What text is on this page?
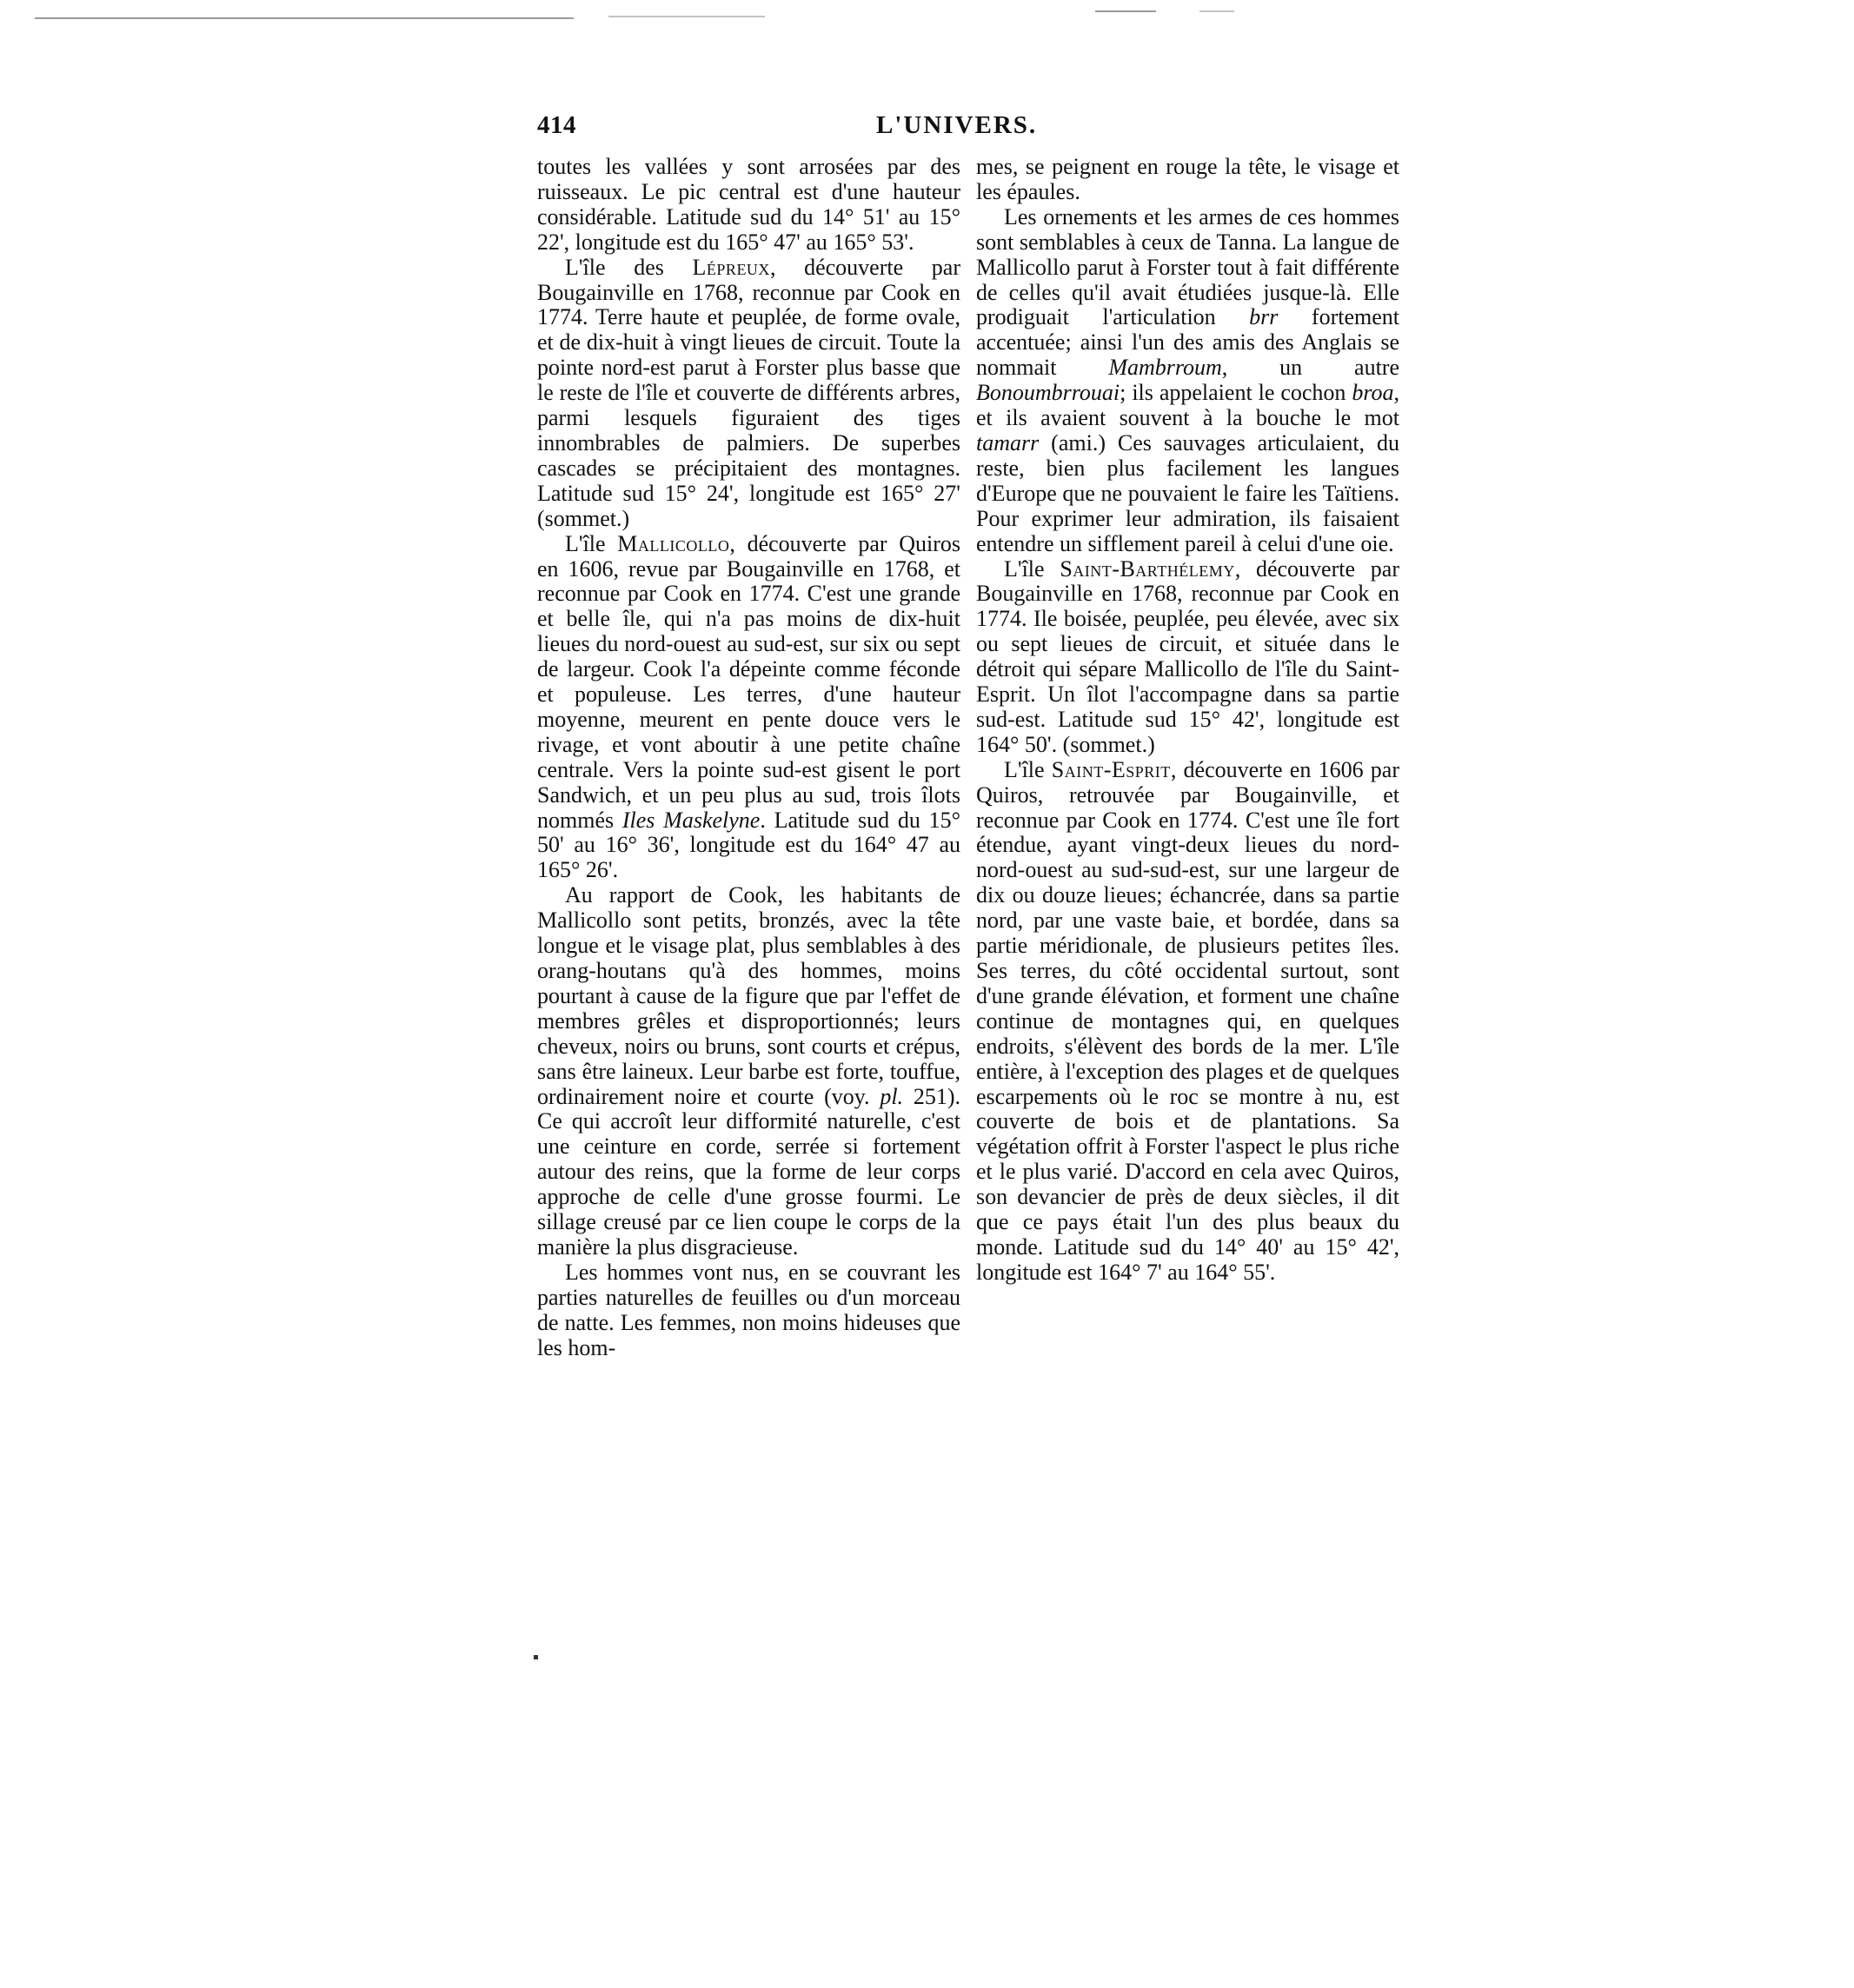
414	L'UNIVERS.

toutes les vallées y sont arrosées par des ruisseaux. Le pic central est d'une hauteur considérable. Latitude sud du 14° 51' au 15° 22', longitude est du 165° 47' au 165° 53'.

L'île des Lépreux, découverte par Bougainville en 1768, reconnue par Cook en 1774. Terre haute et peuplée, de forme ovale, et de dix-huit à vingt lieues de circuit. Toute la pointe nord-est parut à Forster plus basse que le reste de l'île et couverte de différents arbres, parmi lesquels figuraient des tiges innombrables de palmiers. De superbes cascades se précipitaient des montagnes. Latitude sud 15° 24', longitude est 165° 27' (sommet.)

L'île Mallicollo, découverte par Quiros en 1606, revue par Bougainville en 1768, et reconnue par Cook en 1774. C'est une grande et belle île, qui n'a pas moins de dix-huit lieues du nord-ouest au sud-est, sur six ou sept de largeur. Cook l'a dépeinte comme féconde et populeuse. Les terres, d'une hauteur moyenne, meurent en pente douce vers le rivage, et vont aboutir à une petite chaîne centrale. Vers la pointe sud-est gisent le port Sandwich, et un peu plus au sud, trois îlots nommés Iles Maskelyne. Latitude sud du 15° 50' au 16° 36', longitude est du 164° 47 au 165° 26'.

Au rapport de Cook, les habitants de Mallicollo sont petits, bronzés, avec la tête longue et le visage plat, plus semblables à des orang-houtans qu'à des hommes, moins pourtant à cause de la figure que par l'effet de membres grêles et disproportionnés; leurs cheveux, noirs ou bruns, sont courts et crépus, sans être laineux. Leur barbe est forte, touffue, ordinairement noire et courte (voy. pl. 251). Ce qui accroît leur difformité naturelle, c'est une ceinture en corde, serrée si fortement autour des reins, que la forme de leur corps approche de celle d'une grosse fourmi. Le sillage creusé par ce lien coupe le corps de la manière la plus disgracieuse.

Les hommes vont nus, en se couvrant les parties naturelles de feuilles ou d'un morceau de natte. Les femmes, non moins hideuses que les hom-

mes, se peignent en rouge la tête, le visage et les épaules.

Les ornements et les armes de ces hommes sont semblables à ceux de Tanna. La langue de Mallicollo parut à Forster tout à fait différente de celles qu'il avait étudiées jusque-là. Elle prodiguait l'articulation brr fortement accentuée; ainsi l'un des amis des Anglais se nommait Mambrroum, un autre Bonoumbrrouai; ils appelaient le cochon broa, et ils avaient souvent à la bouche le mot tamarr (ami.) Ces sauvages articulaient, du reste, bien plus facilement les langues d'Europe que ne pouvaient le faire les Taïtiens. Pour exprimer leur admiration, ils faisaient entendre un sifflement pareil à celui d'une oie.

L'île Saint-Barthélemy, découverte par Bougainville en 1768, reconnue par Cook en 1774. Ile boisée, peuplée, peu élevée, avec six ou sept lieues de circuit, et située dans le détroit qui sépare Mallicollo de l'île du Saint-Esprit. Un îlot l'accompagne dans sa partie sud-est. Latitude sud 15° 42', longitude est 164° 50'. (sommet.)

L'île Saint-Esprit, découverte en 1606 par Quiros, retrouvée par Bougainville, et reconnue par Cook en 1774. C'est une île fort étendue, ayant vingt-deux lieues du nord-nord-ouest au sud-sud-est, sur une largeur de dix ou douze lieues; échancrée, dans sa partie nord, par une vaste baie, et bordée, dans sa partie méridionale, de plusieurs petites îles. Ses terres, du côté occidental surtout, sont d'une grande élévation, et forment une chaîne continue de montagnes qui, en quelques endroits, s'élèvent des bords de la mer. L'île entière, à l'exception des plages et de quelques escarpements où le roc se montre à nu, est couverte de bois et de plantations. Sa végétation offrit à Forster l'aspect le plus riche et le plus varié. D'accord en cela avec Quiros, son devancier de près de deux siècles, il dit que ce pays était l'un des plus beaux du monde. Latitude sud du 14° 40' au 15° 42', longitude est 164° 7' au 164° 55'.
